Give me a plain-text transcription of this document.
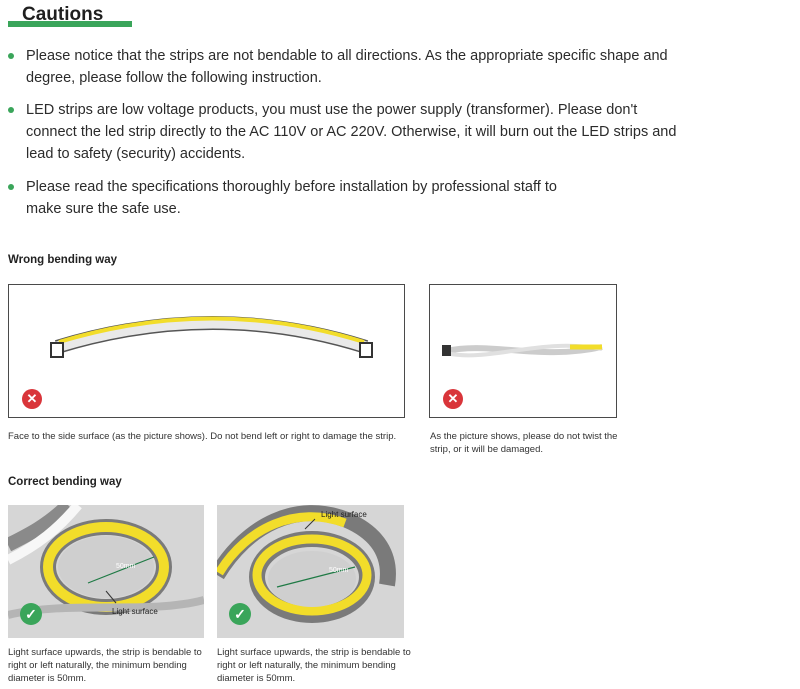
Cautions
Please notice that the strips are not bendable to all directions. As the appropriate specific shape and degree, please follow the following instruction.
LED strips are low voltage products, you must use the power supply (transformer). Please don't connect the led strip directly to the AC 110V or AC 220V. Otherwise, it will burn out the LED strips and lead to safety (security) accidents.
Please read the specifications thoroughly before installation by professional staff to make sure the safe use.
Wrong bending way
✕	✕
Face to the side surface (as the picture shows). Do not bend left or right to damage the strip.	As the picture shows, please do not twist the strip, or it will be damaged.
Correct bending way
50mm
Light surface
✓
Light surface
50mm
✓
Light surface upwards, the strip is bendable to right or left naturally, the minimum bending diameter is 50mm.
Light surface upwards, the strip is bendable to right or left naturally, the minimum bending diameter is 50mm.
